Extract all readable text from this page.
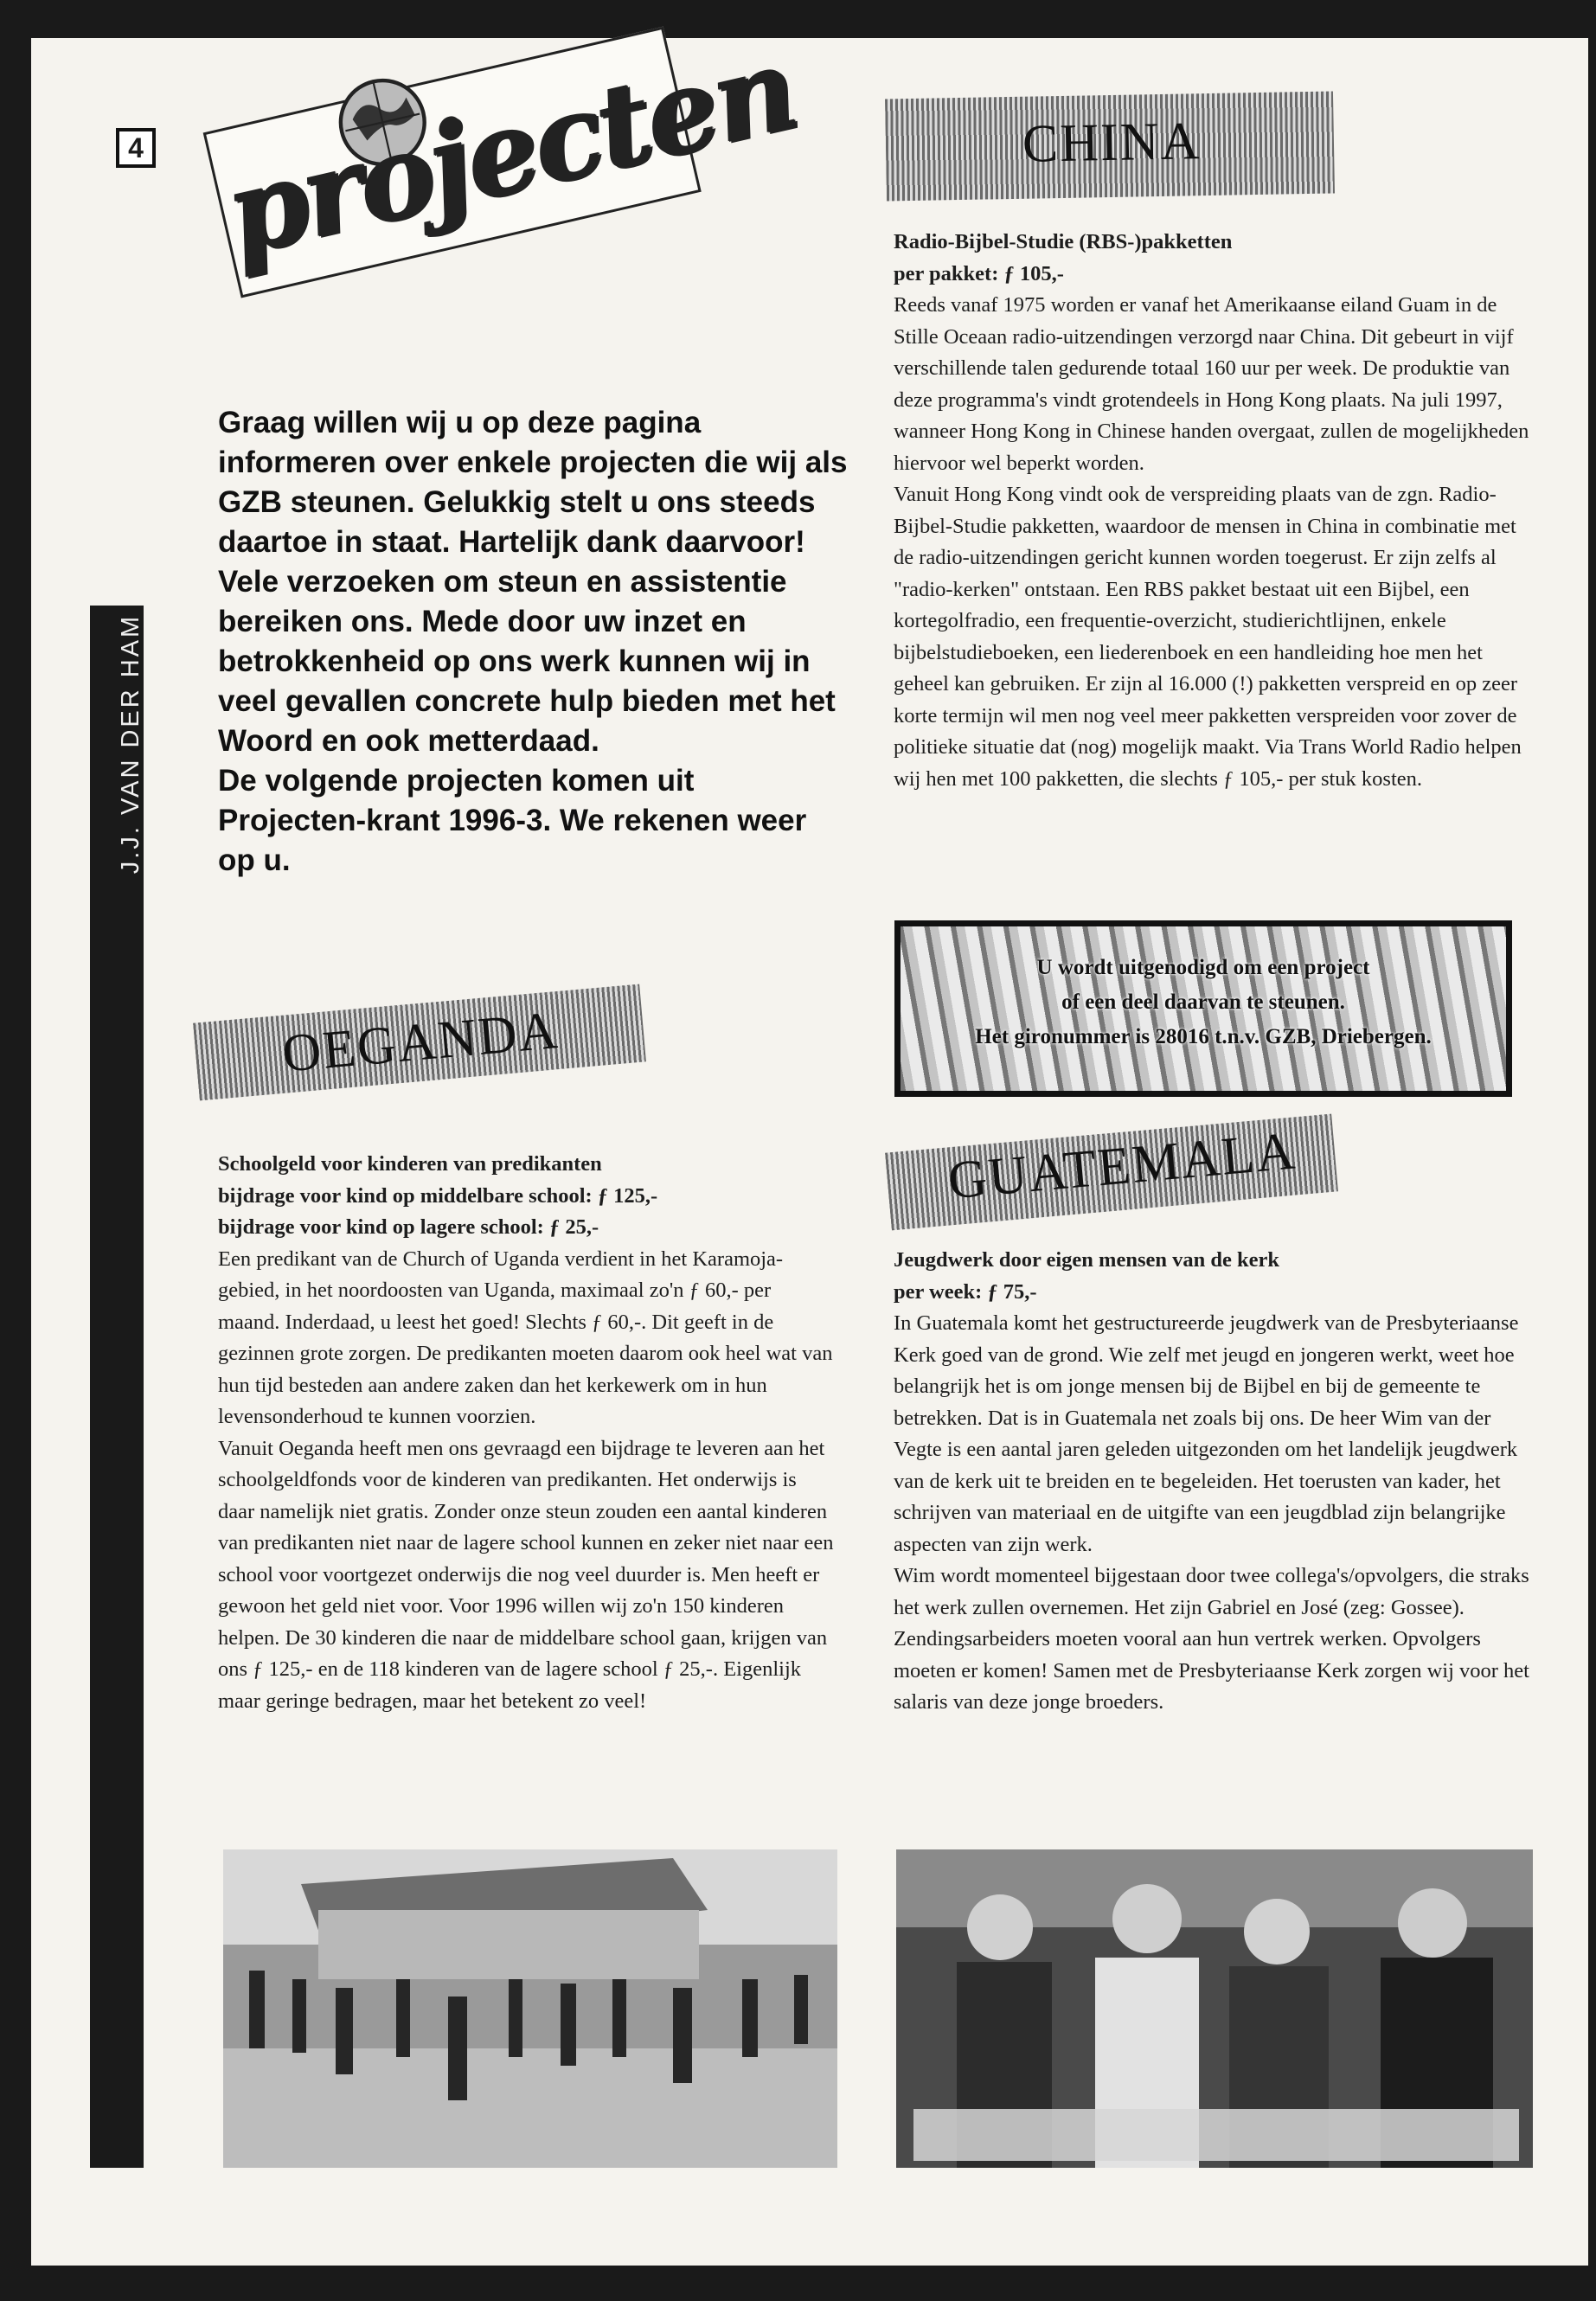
4
J.J. VAN DER HAM
projecten

Graag willen wij u op deze pagina informeren over enkele projecten die wij als GZB steunen. Gelukkig stelt u ons steeds daartoe in staat. Hartelijk dank daarvoor!

Vele verzoeken om steun en assistentie bereiken ons. Mede door uw inzet en betrokkenheid op ons werk kunnen wij in veel gevallen concrete hulp bieden met het Woord en ook metterdaad.

De volgende projecten komen uit Projecten-krant 1996-3. We rekenen weer op u.

OEGANDA

Schoolgeld voor kinderen van predikanten

bijdrage voor kind op middelbare school: ƒ 125,-

bijdrage voor kind op lagere school: ƒ 25,-

Een predikant van de Church of Uganda verdient in het Karamoja-gebied, in het noordoosten van Uganda, maximaal zo'n ƒ 60,- per maand. Inderdaad, u leest het goed! Slechts ƒ 60,-. Dit geeft in de gezinnen grote zorgen. De predikanten moeten daarom ook heel wat van hun tijd besteden aan andere zaken dan het kerkewerk om in hun levensonderhoud te kunnen voorzien.

Vanuit Oeganda heeft men ons gevraagd een bijdrage te leveren aan het schoolgeldfonds voor de kinderen van predikanten. Het onderwijs is daar namelijk niet gratis. Zonder onze steun zouden een aantal kinderen van predikanten niet naar de lagere school kunnen en zeker niet naar een school voor voortgezet onderwijs die nog veel duurder is. Men heeft er gewoon het geld niet voor. Voor 1996 willen wij zo'n 150 kinderen helpen. De 30 kinderen die naar de middelbare school gaan, krijgen van ons ƒ 125,- en de 118 kinderen van de lagere school ƒ 25,-. Eigenlijk maar geringe bedragen, maar het betekent zo veel!

CHINA

Radio-Bijbel-Studie (RBS-)pakketten

per pakket: ƒ 105,-

Reeds vanaf 1975 worden er vanaf het Amerikaanse eiland Guam in de Stille Oceaan radio-uitzendingen verzorgd naar China. Dit gebeurt in vijf verschillende talen gedurende totaal 160 uur per week. De produktie van deze programma's vindt grotendeels in Hong Kong plaats. Na juli 1997, wanneer Hong Kong in Chinese handen overgaat, zullen de mogelijkheden hiervoor wel beperkt worden.

Vanuit Hong Kong vindt ook de verspreiding plaats van de zgn. Radio-Bijbel-Studie pakketten, waardoor de mensen in China in combinatie met de radio-uitzendingen gericht kunnen worden toegerust. Er zijn zelfs al "radio-kerken" ontstaan. Een RBS pakket bestaat uit een Bijbel, een kortegolfradio, een frequentie-overzicht, studierichtlijnen, enkele bijbelstudieboeken, een liederenboek en een handleiding hoe men het geheel kan gebruiken. Er zijn al 16.000 (!) pakketten verspreid en op zeer korte termijn wil men nog veel meer pakketten verspreiden voor zover de politieke situatie dat (nog) mogelijk maakt. Via Trans World Radio helpen wij hen met 100 pakketten, die slechts ƒ 105,- per stuk kosten.

U wordt uitgenodigd om een project

of een deel daarvan te steunen.

Het gironummer is 28016 t.n.v. GZB, Driebergen.

GUATEMALA

Jeugdwerk door eigen mensen van de kerk

per week: ƒ 75,-

In Guatemala komt het gestructureerde jeugdwerk van de Presbyteriaanse Kerk goed van de grond. Wie zelf met jeugd en jongeren werkt, weet hoe belangrijk het is om jonge mensen bij de Bijbel en bij de gemeente te betrekken. Dat is in Guatemala net zoals bij ons. De heer Wim van der Vegte is een aantal jaren geleden uitgezonden om het landelijk jeugdwerk van de kerk uit te breiden en te begeleiden. Het toerusten van kader, het schrijven van materiaal en de uitgifte van een jeugdblad zijn belangrijke aspecten van zijn werk.

Wim wordt momenteel bijgestaan door twee collega's/opvolgers, die straks het werk zullen overnemen. Het zijn Gabriel en José (zeg: Gossee). Zendingsarbeiders moeten vooral aan hun vertrek werken. Opvolgers moeten er komen! Samen met de Presbyteriaanse Kerk zorgen wij voor het salaris van deze jonge broeders.
